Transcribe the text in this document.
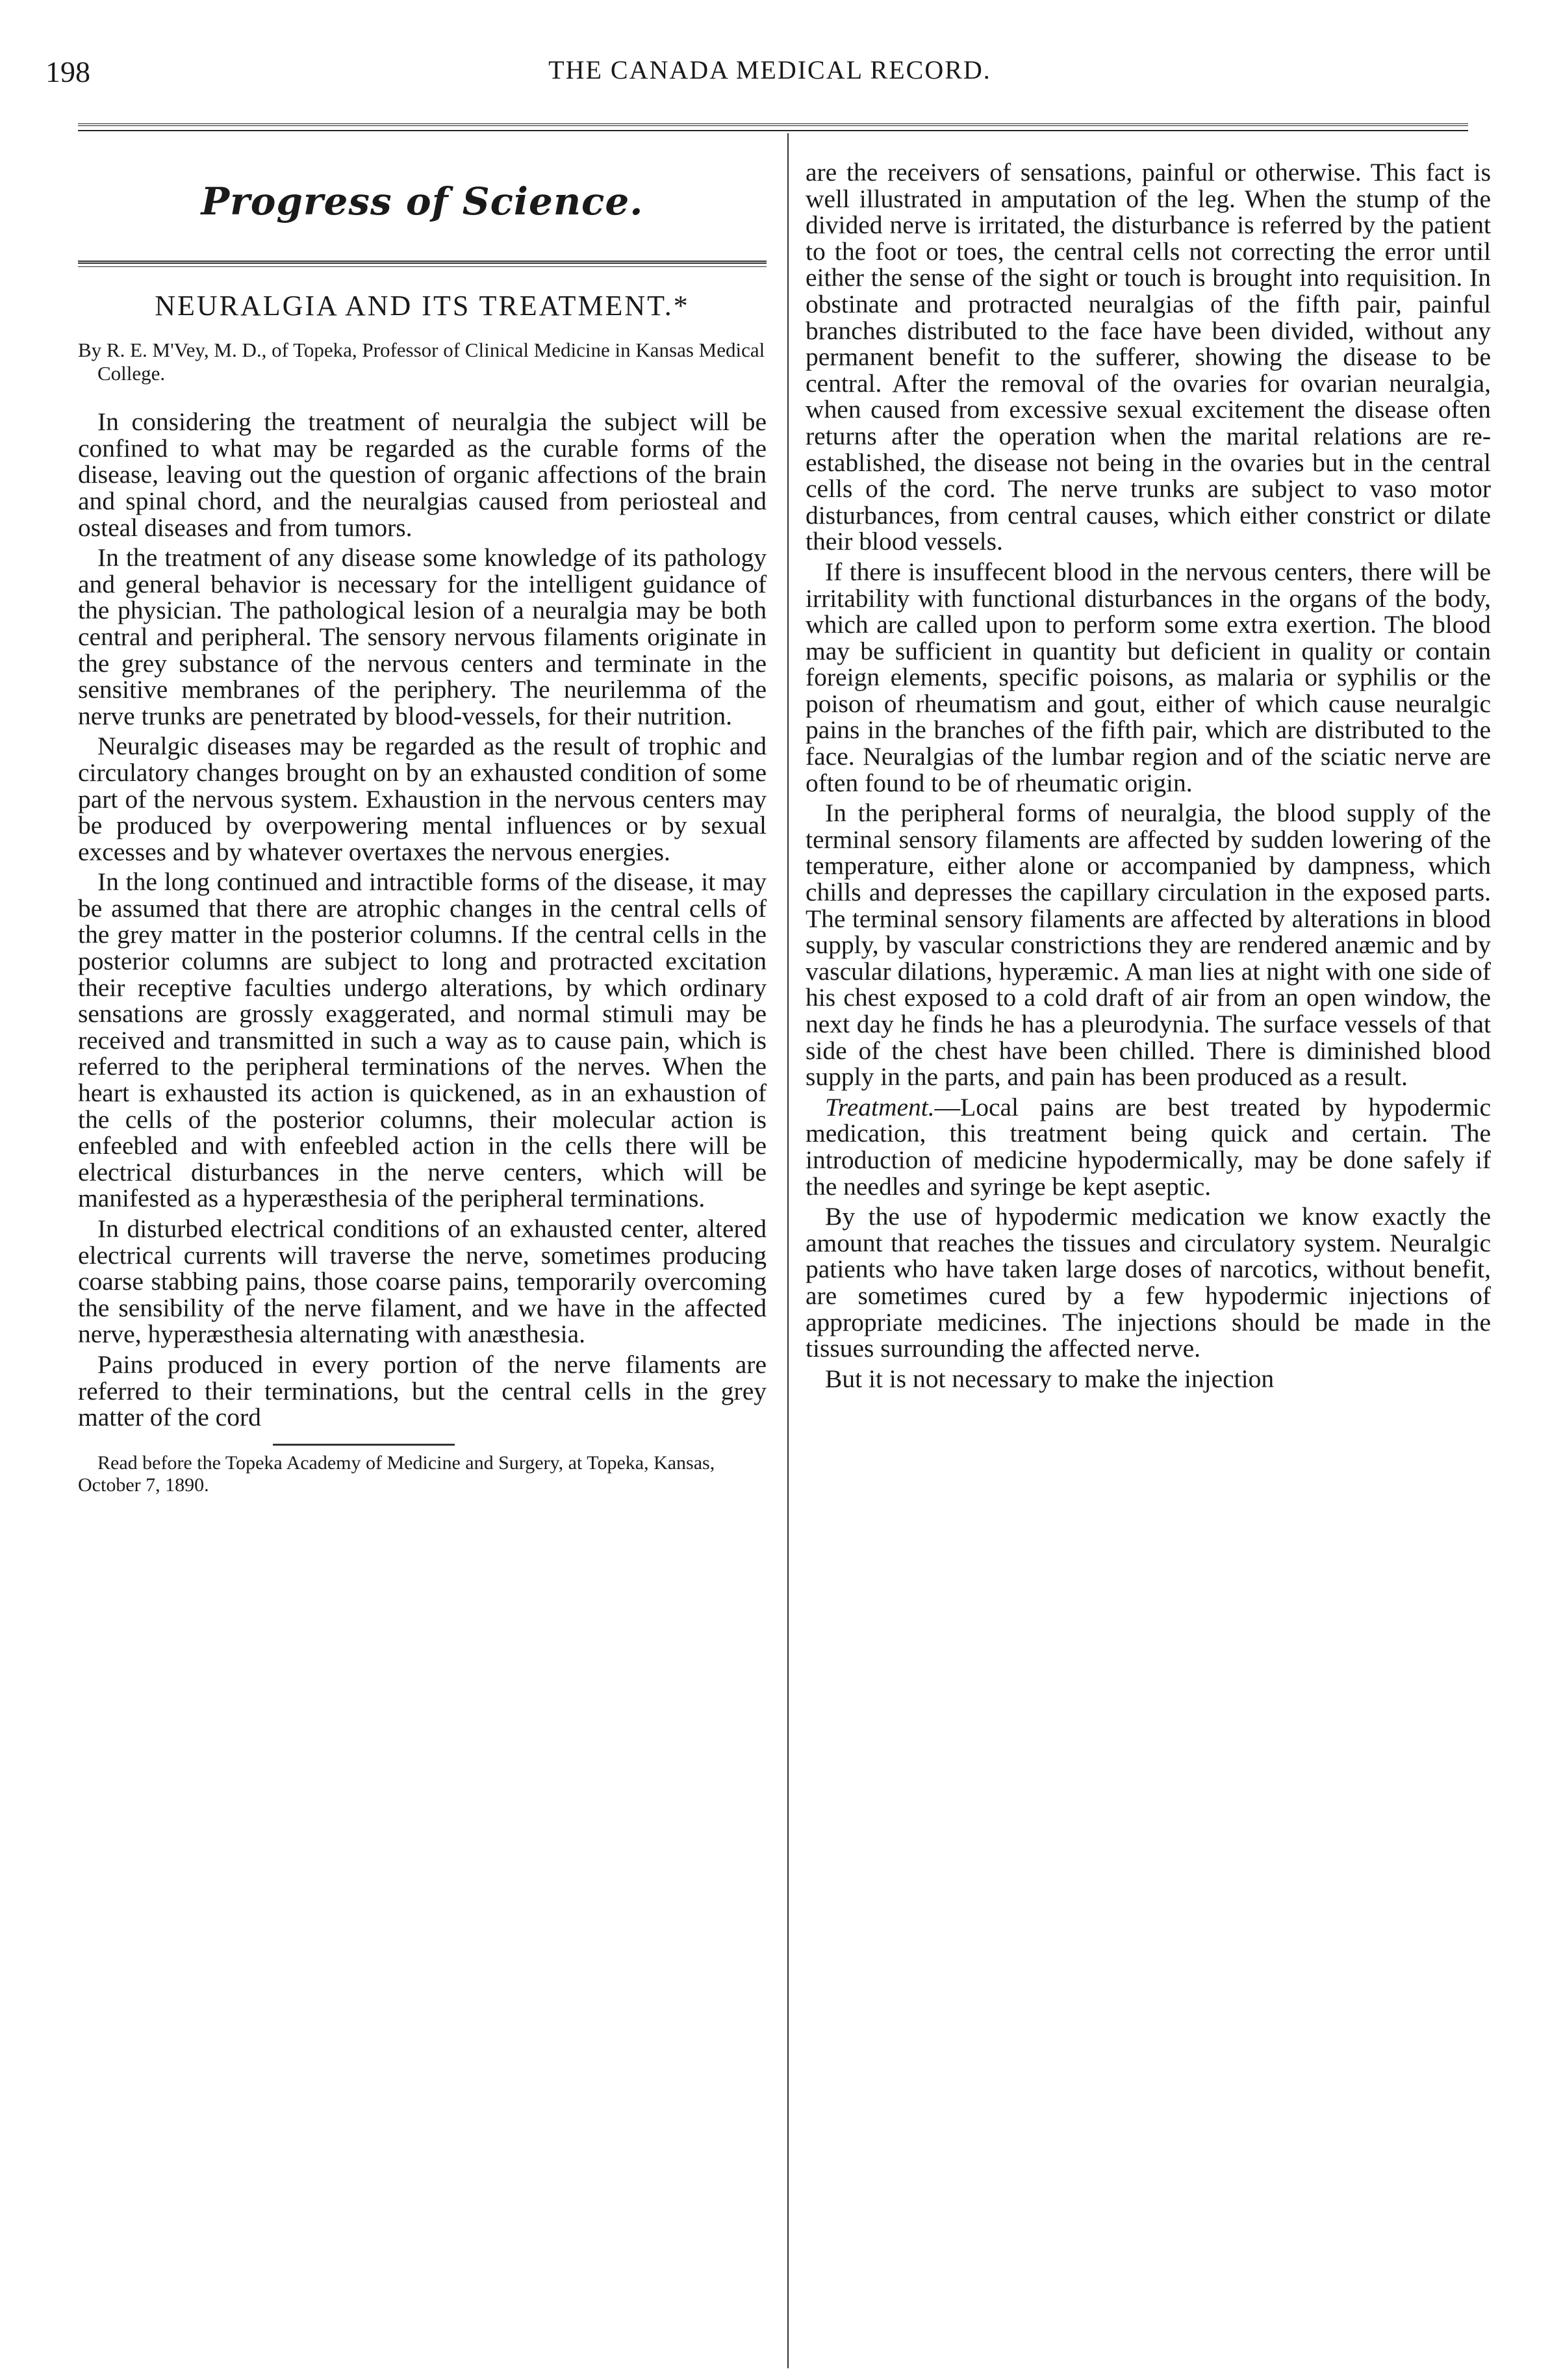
198	THE CANADA MEDICAL RECORD.
Progress of Science.
NEURALGIA AND ITS TREATMENT.*
By R. E. M'Vey, M. D., of Topeka, Professor of Clinical Medicine in Kansas Medical College.

In considering the treatment of neuralgia the subject will be confined to what may be regarded as the curable forms of the disease, leaving out the question of organic affections of the brain and spinal chord, and the neuralgias caused from periosteal and osteal diseases and from tumors.

In the treatment of any disease some knowledge of its pathology and general behavior is necessary for the intelligent guidance of the physician. The pathological lesion of a neuralgia may be both central and peripheral. The sensory nervous filaments originate in the grey substance of the nervous centers and terminate in the sensitive membranes of the periphery. The neurilemma of the nerve trunks are penetrated by blood-vessels, for their nutrition.

Neuralgic diseases may be regarded as the result of trophic and circulatory changes brought on by an exhausted condition of some part of the nervous system. Exhaustion in the nervous centers may be produced by overpowering mental influences or by sexual excesses and by whatever overtaxes the nervous energies.

In the long continued and intractible forms of the disease, it may be assumed that there are atrophic changes in the central cells of the grey matter in the posterior columns. If the central cells in the posterior columns are subject to long and protracted excitation their receptive faculties undergo alterations, by which ordinary sensations are grossly exaggerated, and normal stimuli may be received and transmitted in such a way as to cause pain, which is referred to the peripheral terminations of the nerves. When the heart is exhausted its action is quickened, as in an exhaustion of the cells of the posterior columns, their molecular action is enfeebled and with enfeebled action in the cells there will be electrical disturbances in the nerve centers, which will be manifested as a hyperæsthesia of the peripheral terminations.

In disturbed electrical conditions of an exhausted center, altered electrical currents will traverse the nerve, sometimes producing coarse stabbing pains, those coarse pains, temporarily overcoming the sensibility of the nerve filament, and we have in the affected nerve, hyperæsthesia alternating with anæsthesia.

Pains produced in every portion of the nerve filaments are referred to their terminations, but the central cells in the grey matter of the cord

Read before the Topeka Academy of Medicine and Surgery, at Topeka, Kansas, October 7, 1890.

are the receivers of sensations, painful or otherwise. This fact is well illustrated in amputation of the leg. When the stump of the divided nerve is irritated, the disturbance is referred by the patient to the foot or toes, the central cells not correcting the error until either the sense of the sight or touch is brought into requisition. In obstinate and protracted neuralgias of the fifth pair, painful branches distributed to the face have been divided, without any permanent benefit to the sufferer, showing the disease to be central. After the removal of the ovaries for ovarian neuralgia, when caused from excessive sexual excitement the disease often returns after the operation when the marital relations are re-established, the disease not being in the ovaries but in the central cells of the cord. The nerve trunks are subject to vaso motor disturbances, from central causes, which either constrict or dilate their blood vessels.

If there is insuffecent blood in the nervous centers, there will be irritability with functional disturbances in the organs of the body, which are called upon to perform some extra exertion. The blood may be sufficient in quantity but deficient in quality or contain foreign elements, specific poisons, as malaria or syphilis or the poison of rheumatism and gout, either of which cause neuralgic pains in the branches of the fifth pair, which are distributed to the face. Neuralgias of the lumbar region and of the sciatic nerve are often found to be of rheumatic origin.

In the peripheral forms of neuralgia, the blood supply of the terminal sensory filaments are affected by sudden lowering of the temperature, either alone or accompanied by dampness, which chills and depresses the capillary circulation in the exposed parts. The terminal sensory filaments are affected by alterations in blood supply, by vascular constrictions they are rendered anæmic and by vascular dilations, hyperæmic. A man lies at night with one side of his chest exposed to a cold draft of air from an open window, the next day he finds he has a pleurodynia. The surface vessels of that side of the chest have been chilled. There is diminished blood supply in the parts, and pain has been produced as a result.

Treatment.—Local pains are best treated by hypodermic medication, this treatment being quick and certain. The introduction of medicine hypodermically, may be done safely if the needles and syringe be kept aseptic.

By the use of hypodermic medication we know exactly the amount that reaches the tissues and circulatory system. Neuralgic patients who have taken large doses of narcotics, without benefit, are sometimes cured by a few hypodermic injections of appropriate medicines. The injections should be made in the tissues surrounding the affected nerve.

But it is not necessary to make the injection
